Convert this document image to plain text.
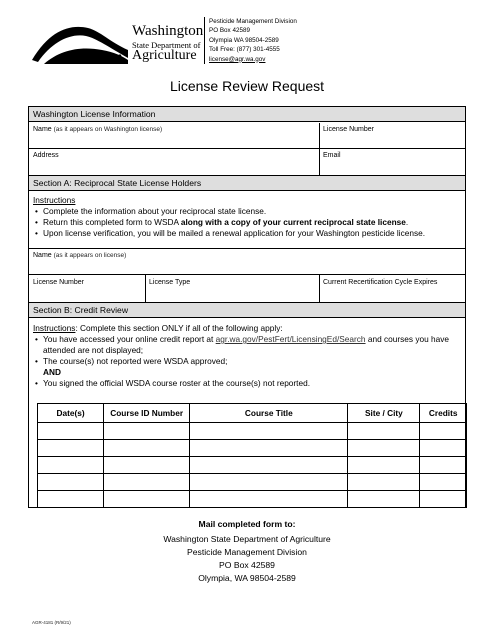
WSDA
Washington
State Department of
Agriculture
Pesticide Management Division
PO Box 42589
Olympia WA 98504-2589
Toll Free: (877) 301-4555
license@agr.wa.gov
License Review Request
Washington License Information
Name (as it appears on Washington license)	License Number
Address	Email
Section A: Reciprocal State License Holders
Instructions
• Complete the information about your reciprocal state license.
• Return this completed form to WSDA along with a copy of your current reciprocal state license.
• Upon license verification, you will be mailed a renewal application for your Washington pesticide license.
Name (as it appears on license)
License Number	License Type	Current Recertification Cycle Expires
Section B: Credit Review
Instructions: Complete this section ONLY if all of the following apply:
• You have accessed your online credit report at agr.wa.gov/PestFert/LicensingEd/Search and courses you have attended are not displayed;
• The course(s) not reported were WSDA approved;
AND
• You signed the official WSDA course roster at the course(s) not reported.
Date(s)	Course ID Number	Course Title	Site / City	Credits

Mail completed form to:
Washington State Department of Agriculture
Pesticide Management Division
PO Box 42589
Olympia, WA 98504-2589
AGR-4181 (R/9/21)
